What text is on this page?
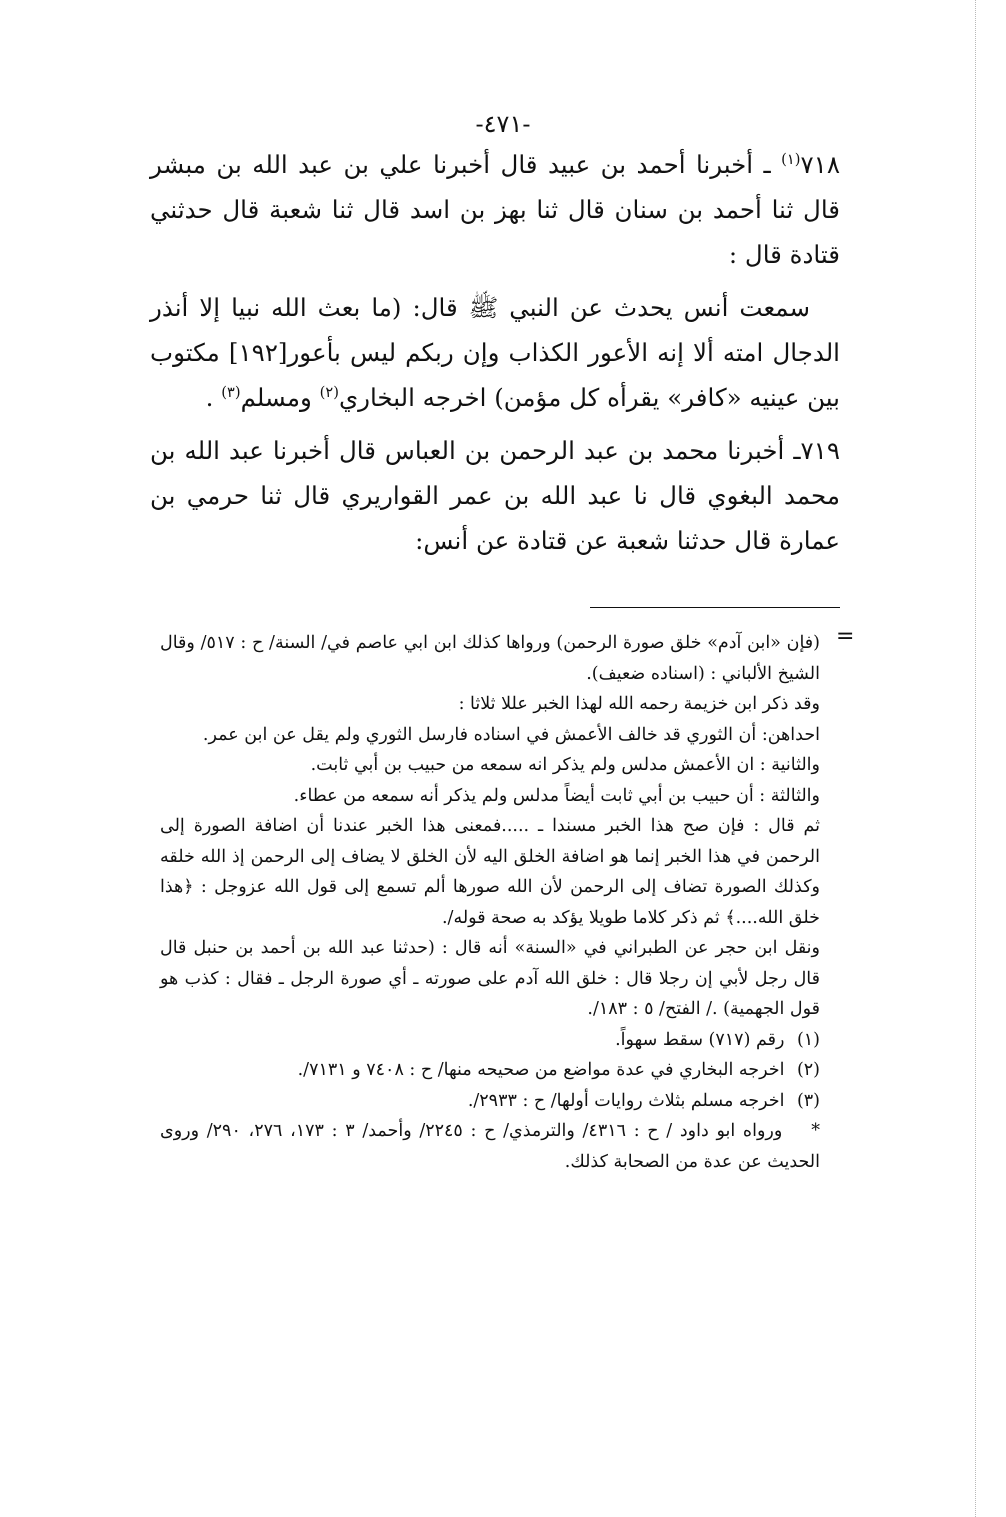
-٤٧١-

٧١٨$^{(١)}$ ـ أخبرنا أحمد بن عبيد قال أخبرنا علي بن عبد الله بن مبشر قال ثنا أحمد بن سنان قال ثنا بهز بن اسد قال ثنا شعبة قال حدثني قتادة قال :

سمعت أنس يحدث عن النبي ﷺ قال: (ما بعث الله نبيا إلا أنذر الدجال امته ألا إنه الأعور الكذاب وإن ربكم ليس بأعور[١٩٢] مكتوب بين عينيه «كافر» يقرأه كل مؤمن) اخرجه البخاري$^{(٢)}$ ومسلم$^{(٣)}$ .

٧١٩ـ أخبرنا محمد بن عبد الرحمن بن العباس قال أخبرنا عبد الله بن محمد البغوي قال نا عبد الله بن عمر القواريري قال ثنا حرمي بن عمارة قال حدثنا شعبة عن قتادة عن أنس:

=

(فإن «ابن آدم» خلق صورة الرحمن) ورواها كذلك ابن ابي عاصم في/ السنة/ ح : ٥١٧/ وقال الشيخ الألباني : (اسناده ضعيف).

وقد ذكر ابن خزيمة رحمه الله لهذا الخبر عللا ثلاثا :

احداهن: أن الثوري قد خالف الأعمش في اسناده فارسل الثوري ولم يقل عن ابن عمر.

والثانية : ان الأعمش مدلس ولم يذكر انه سمعه من حبيب بن أبي ثابت.

والثالثة : أن حبيب بن أبي ثابت أيضاً مدلس ولم يذكر أنه سمعه من عطاء.

ثم قال : فإن صح هذا الخبر مسندا ـ .....فمعنى هذا الخبر عندنا أن اضافة الصورة إلى الرحمن في هذا الخبر إنما هو اضافة الخلق اليه لأن الخلق لا يضاف إلى الرحمن إذ الله خلقه وكذلك الصورة تضاف إلى الرحمن لأن الله صورها ألم تسمع إلى قول الله عزوجل : ﴿هذا خلق الله....﴾ ثم ذكر كلاما طويلا يؤكد به صحة قوله/.

ونقل ابن حجر عن الطبراني في «السنة» أنه قال : (حدثنا عبد الله بن أحمد بن حنبل قال قال رجل لأبي إن رجلا قال : خلق الله آدم على صورته ـ أي صورة الرجل ـ فقال : كذب هو قول الجهمية) ./ الفتح/ ٥ : ١٨٣/.

(١) رقم (٧١٧) سقط سهواً.

(٢) اخرجه البخاري في عدة مواضع من صحيحه منها/ ح : ٧٤٠٨ و ٧١٣١/.

(٣) اخرجه مسلم بثلاث روايات أولها/ ح : ٢٩٣٣/.

* ورواه ابو داود / ح : ٤٣١٦/ والترمذي/ ح : ٢٢٤٥/ وأحمد/ ٣ : ١٧٣، ٢٧٦، ٢٩٠/ وروى الحديث عن عدة من الصحابة كذلك.
